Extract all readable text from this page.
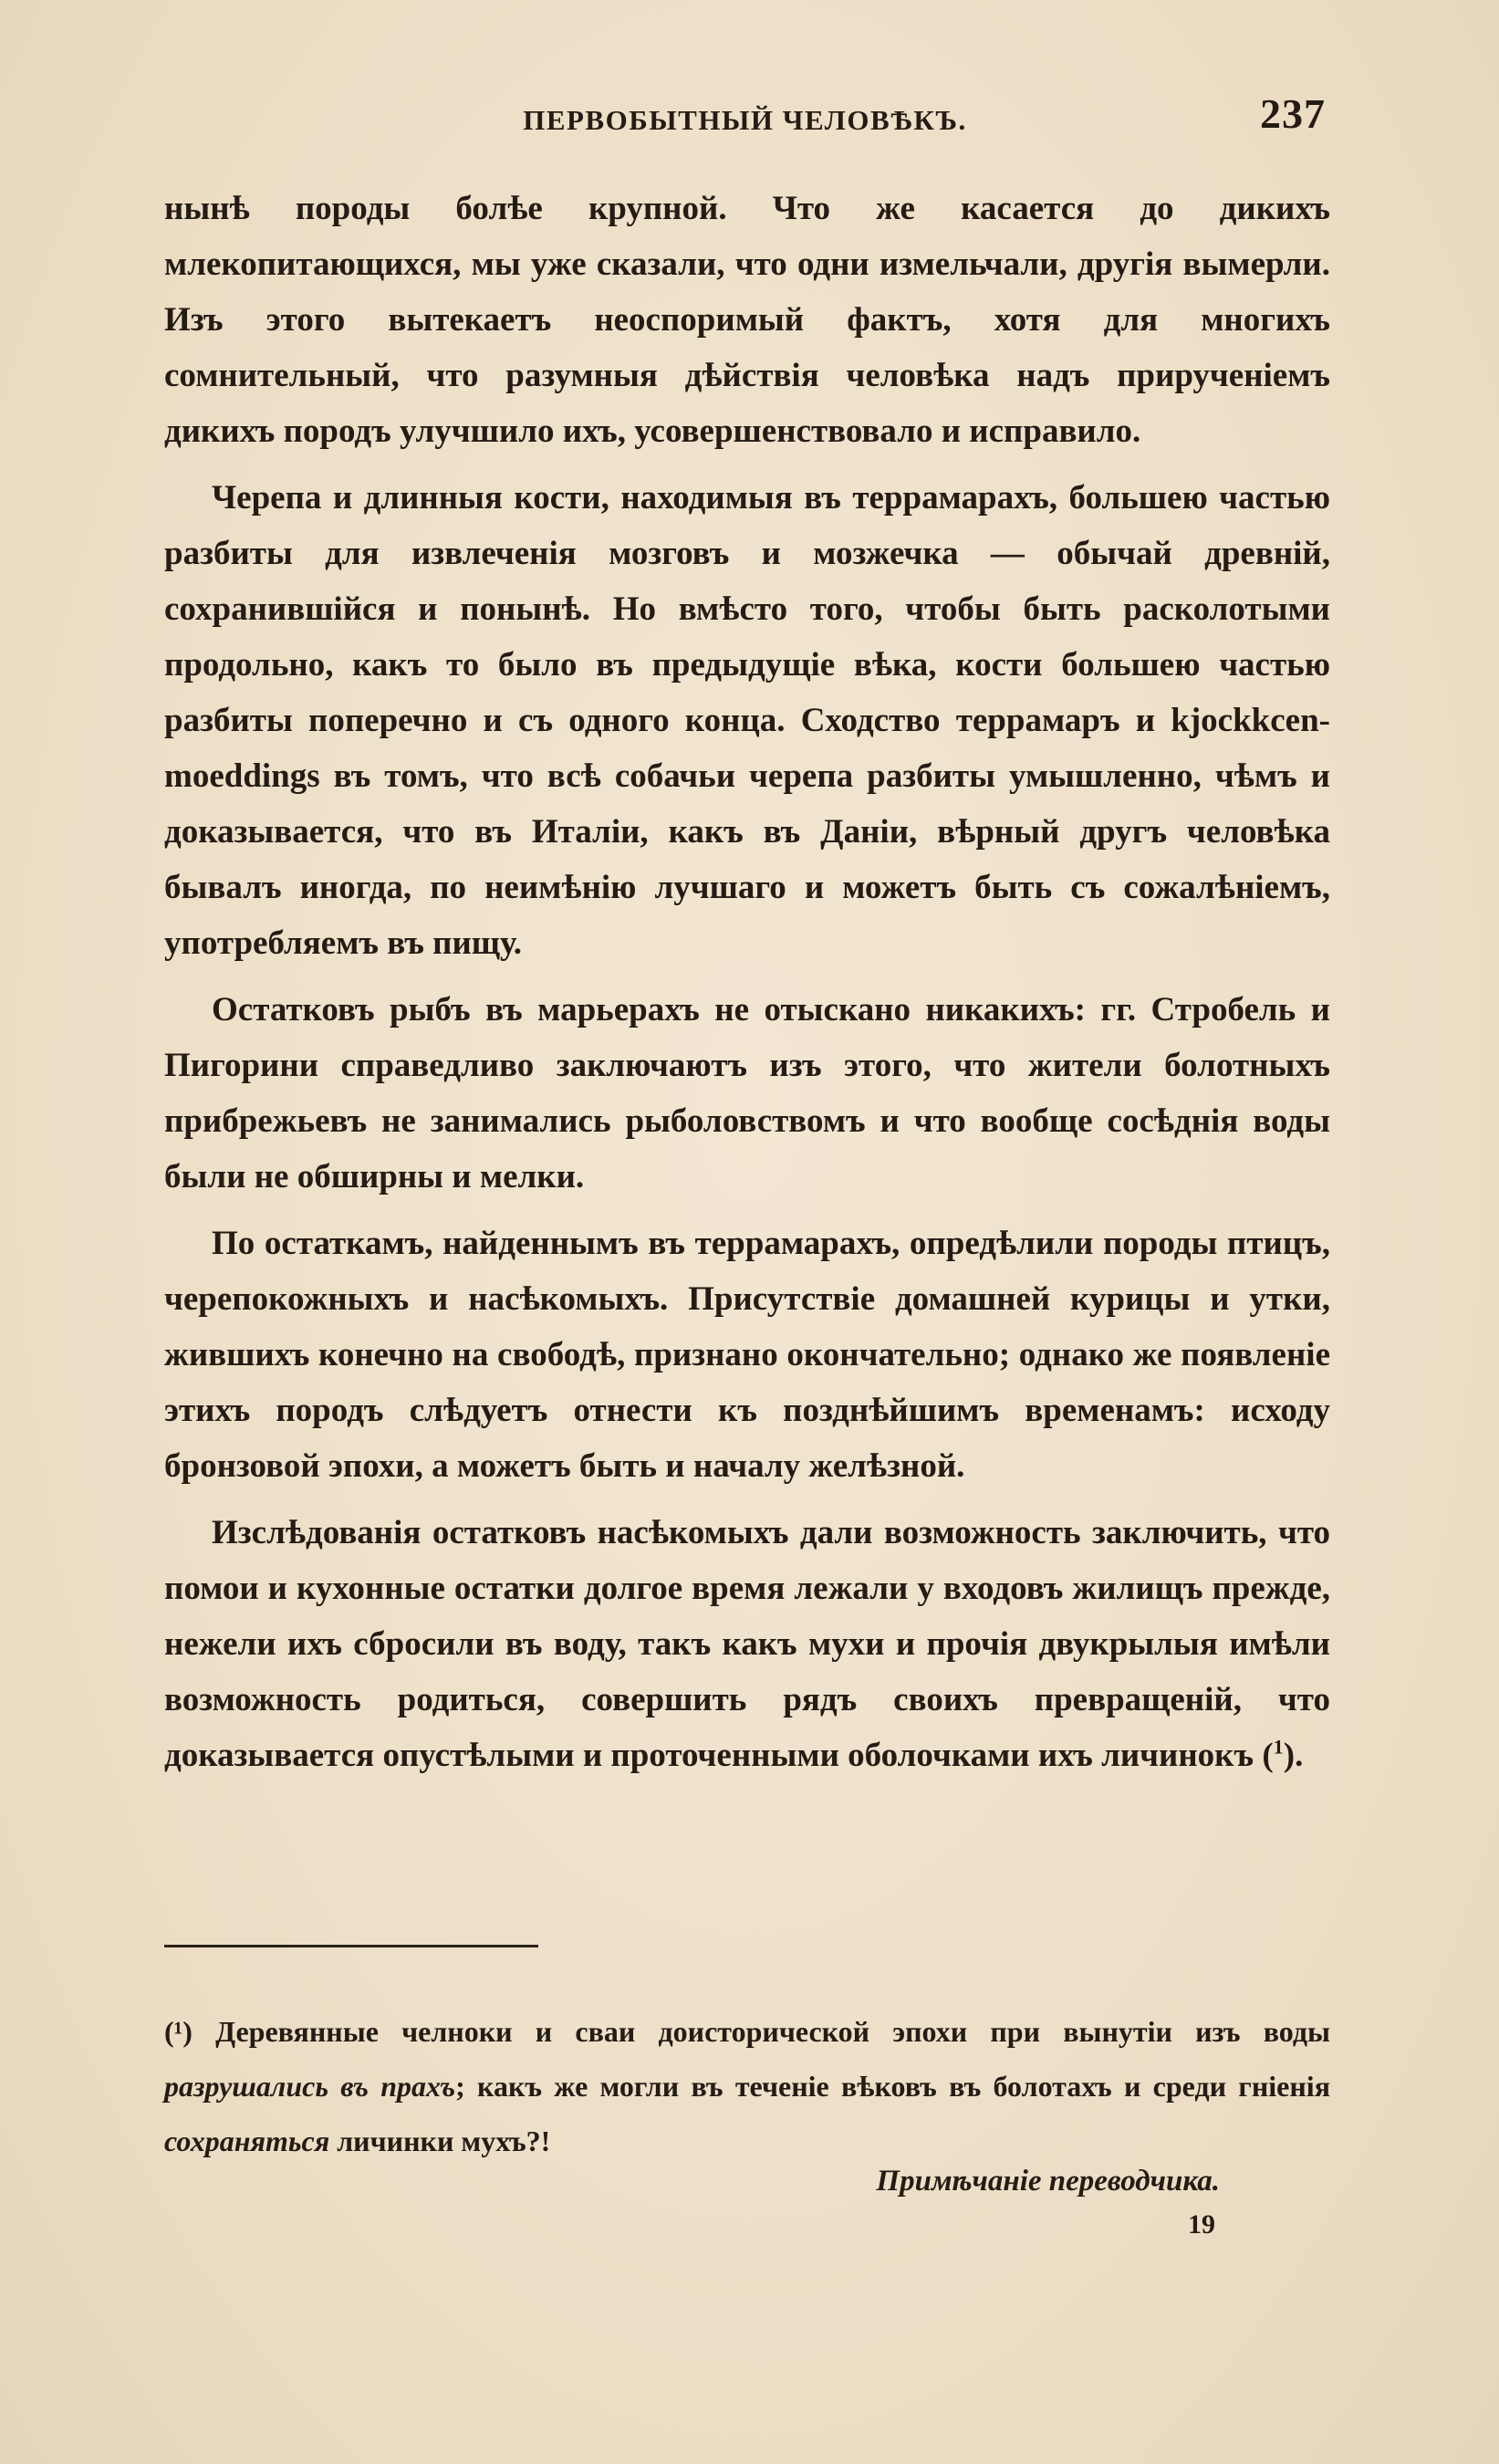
ПЕРВОБЫТНЫЙ ЧЕЛОВѢКЪ.	237

нынѣ породы болѣе крупной. Что же касается до дикихъ млекопитающихся, мы уже сказали, что одни измельчали, другія вымерли. Изъ этого вытекаетъ неоспоримый фактъ, хотя для многихъ сомнительный, что разумныя дѣйствія человѣка надъ прирученіемъ дикихъ породъ улучшило ихъ, усовершенствовало и исправило.

Черепа и длинныя кости, находимыя въ террамарахъ, большею частью разбиты для извлеченія мозговъ и мозжечка — обычай древній, сохранившійся и понынѣ. Но вмѣсто того, чтобы быть расколотыми продольно, какъ то было въ предыдущіе вѣка, кости большею частью разбиты поперечно и съ одного конца. Сходство террамаръ и kjockkcen-moeddings въ томъ, что всѣ собачьи черепа разбиты умышленно, чѣмъ и доказывается, что въ Италіи, какъ въ Даніи, вѣрный другъ человѣка бывалъ иногда, по неимѣнію лучшаго и можетъ быть съ сожалѣніемъ, употребляемъ въ пищу.

Остатковъ рыбъ въ марьерахъ не отыскано никакихъ: гг. Стробель и Пигорини справедливо заключаютъ изъ этого, что жители болотныхъ прибрежьевъ не занимались рыболовствомъ и что вообще сосѣднія воды были не обширны и мелки.

По остаткамъ, найденнымъ въ террамарахъ, опредѣлили породы птицъ, черепокожныхъ и насѣкомыхъ. Присутствіе домашней курицы и утки, жившихъ конечно на свободѣ, признано окончательно; однако же появленіе этихъ породъ слѣдуетъ отнести къ позднѣйшимъ временамъ: исходу бронзовой эпохи, а можетъ быть и началу желѣзной.

Изслѣдованія остатковъ насѣкомыхъ дали возможность заключить, что помои и кухонные остатки долгое время лежали у входовъ жилищъ прежде, нежели ихъ сбросили въ воду, такъ какъ мухи и прочія двукрылыя имѣли возможность родиться, совершить рядъ своихъ превращеній, что доказывается опустѣлыми и проточенными оболочками ихъ личинокъ ($^1$).

(¹) Деревянные челноки и сваи доисторической эпохи при вынутіи изъ воды разрушались въ прахъ; какъ же могли въ теченіе вѣковъ въ болотахъ и среди гніенія сохраняться личинки мухъ?!
Примѣчаніе переводчика.
19
